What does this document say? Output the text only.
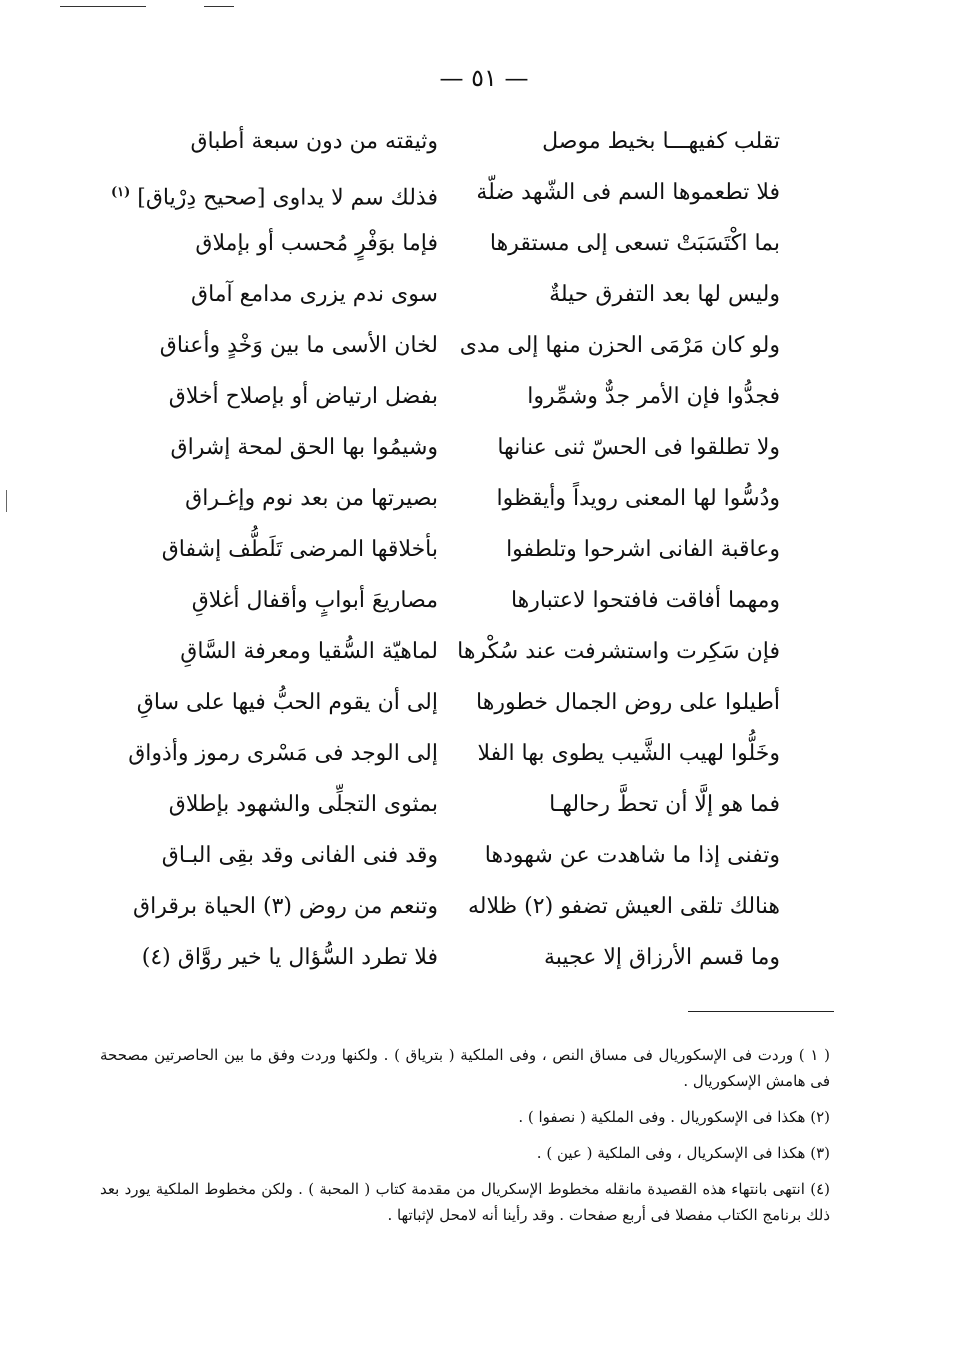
— ٥١ —
تقلب كفيهـــا بخيط موصل
وثيقته من دون سبعة أطباق
فلا تطعموها السم فى الشّهد ضلّة
فذلك سم لا يداوى [صحيح دِرْياق] $^{(١)}$
بما اكْتَسَبَتْ تسعى إلى مستقرها
فإما بوَفْرٍ مُحسب أو بإملاق
وليس لها بعد التفرق حيلةٌ
سوى ندم يزرى مدامع آماق
ولو كان مَرْمَى الحزن منها إلى مدى
لخان الأسى ما بين وَخْدٍ وأعناق
فجدُّوا فإن الأمر جدٌّ وشمِّروا
بفضل ارتياض أو بإصلاح أخلاق
ولا تطلقوا فى الحسّ ثنى عنانها
وشيمُوا بها الحق لمحة إشراق
ودُسُّوا لها المعنى رويداً وأيقظوا
بصيرتها من بعد نوم وإغـراق
وعاقبة الفانى اشرحوا وتلطفوا
بأخلاقها المرضى تَلَطُّف إشفاق
ومهما أفاقت فافتحوا لاعتبارها
مصاريعَ أبوابٍ وأقفال أغلاقِ
فإن سَكِرت واستشرفت عند سُكْرها
لماهيّة السُّقيا ومعرفة السَّاقِ
أطيلوا على روض الجمال خطورها
إلى أن يقوم الحبُّ فيها على ساقِ
وخَلُّوا لهيب الشَّيب يطوى بها الفلا
إلى الوجد فى مَسْرى رموز وأذواق
فما هو إلَّا أن تحطَّ رحالهـا
بمثوى التجلِّى والشهود بإطلاق
وتفنى إذا ما شاهدت عن شهودها
وقد فنى الفانى وقد بقِى البـاق
هنالك تلقى العيش تضفو (٢) ظلاله
وتنعم من روض (٣) الحياة برقراق
وما قسم الأرزاق إلا عجيبة
فلا تطرد السُّؤال يا خير روَّاق (٤)

( ١ ) وردت فى الإسكوريال فى مساق النص ، وفى الملكية ( بترياق ) . ولكنها وردت وفق ما بين الحاصرتين مصححة فى هامش الإسكوريال .

(٢) هكذا فى الإسكوريال . وفى الملكية ( نصفوا ) .

(٣) هكذا فى الإسكريال ، وفى الملكية ( عين ) .

(٤) انتهى بانتهاء هذه القصيدة مانقله مخطوط الإسكريال من مقدمة كتاب ( المحبة ) . ولكن مخطوط الملكية يورد بعد ذلك برنامج الكتاب مفصلا فى أربع صفحات . وقد رأينا أنه لامحل لإثباتها .
